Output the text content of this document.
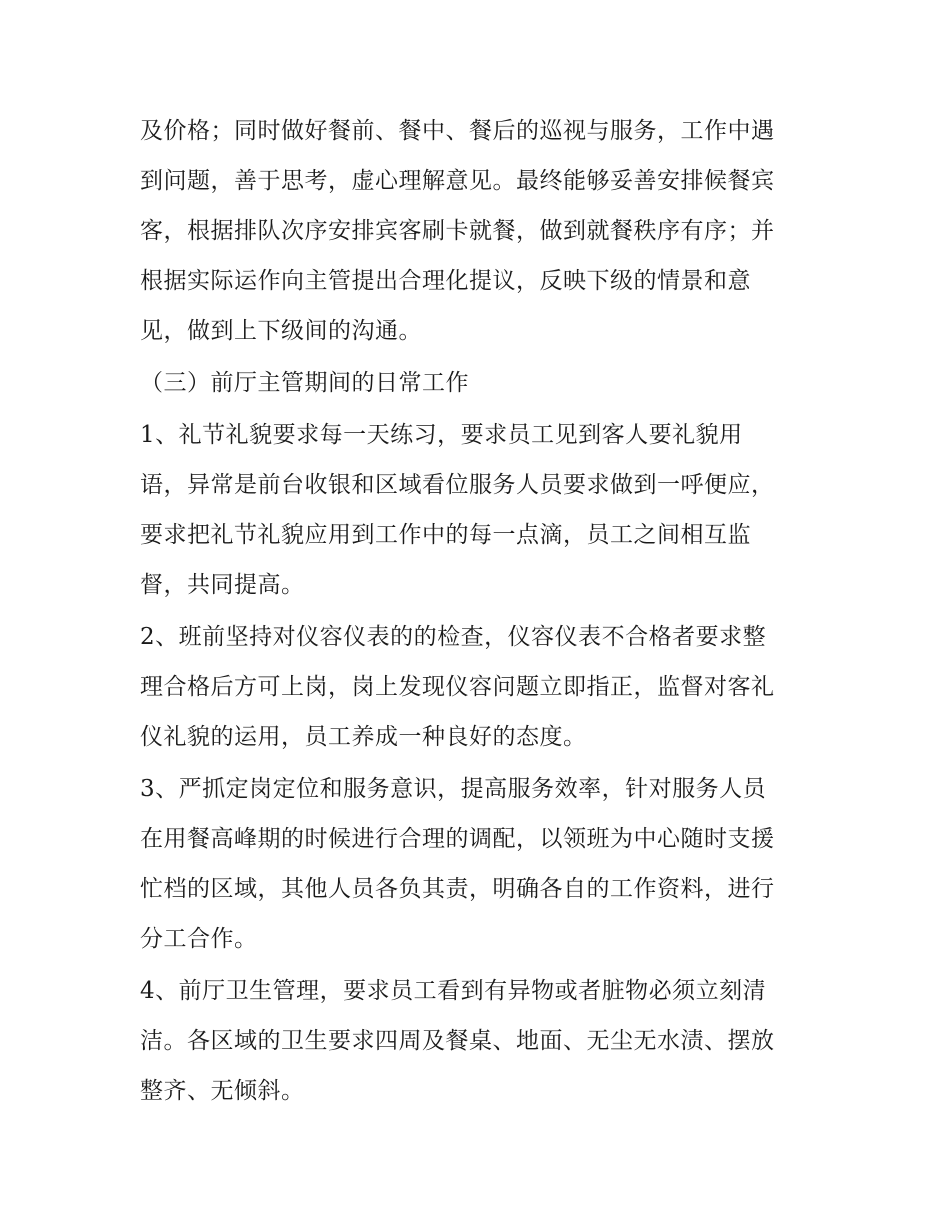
及价格；同时做好餐前、餐中、餐后的巡视与服务，工作中遇
到问题，善于思考，虚心理解意见。最终能够妥善安排候餐宾
客，根据排队次序安排宾客刷卡就餐，做到就餐秩序有序；并
根据实际运作向主管提出合理化提议，反映下级的情景和意
见，做到上下级间的沟通。
（三）前厅主管期间的日常工作
1、礼节礼貌要求每一天练习，要求员工见到客人要礼貌用
语，异常是前台收银和区域看位服务人员要求做到一呼便应，
要求把礼节礼貌应用到工作中的每一点滴，员工之间相互监
督，共同提高。
2、班前坚持对仪容仪表的的检查，仪容仪表不合格者要求整
理合格后方可上岗，岗上发现仪容问题立即指正，监督对客礼
仪礼貌的运用，员工养成一种良好的态度。
3、严抓定岗定位和服务意识，提高服务效率，针对服务人员
在用餐高峰期的时候进行合理的调配，以领班为中心随时支援
忙档的区域，其他人员各负其责，明确各自的工作资料，进行
分工合作。
4、前厅卫生管理，要求员工看到有异物或者脏物必须立刻清
洁。各区域的卫生要求四周及餐桌、地面、无尘无水渍、摆放
整齐、无倾斜。
